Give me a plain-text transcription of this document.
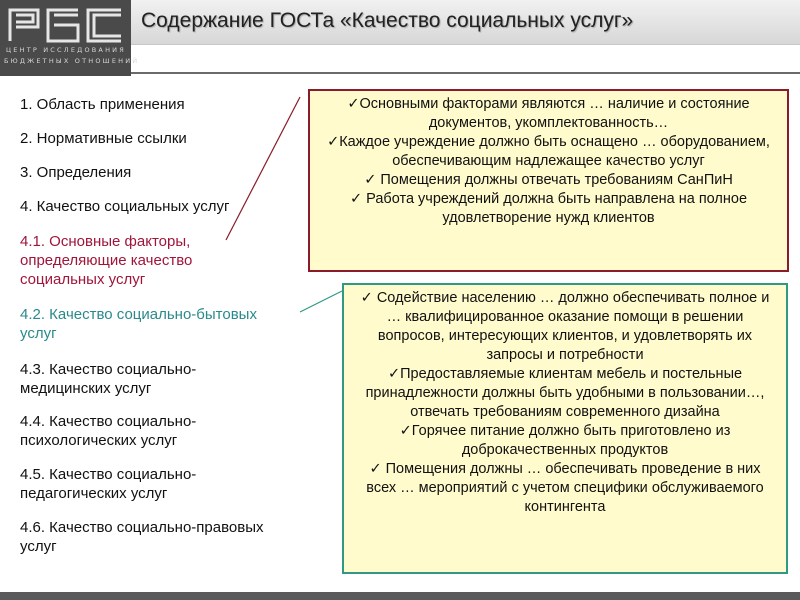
ЦЕНТР ИССЛЕДОВАНИЯ
БЮДЖЕТНЫХ ОТНОШЕНИЙ
Содержание ГОСТа «Качество социальных услуг»
1. Область применения
2. Нормативные ссылки
3. Определения
4. Качество социальных услуг
4.1. Основные факторы,
определяющие качество
социальных услуг
4.2. Качество социально-бытовых
услуг
4.3. Качество социально-
медицинских услуг
4.4. Качество социально-
психологических услуг
4.5. Качество социально-
педагогических услуг
4.6. Качество социально-правовых
услуг
✓Основными факторами являются … наличие и состояние документов, укомплектованность…
✓Каждое учреждение должно быть оснащено … оборудованием, обеспечивающим надлежащее качество услуг
✓ Помещения должны отвечать требованиям СанПиН
✓ Работа учреждений должна быть направлена на полное удовлетворение нужд клиентов
✓ Содействие населению … должно обеспечивать полное и … квалифицированное оказание помощи в решении вопросов, интересующих клиентов, и удовлетворять их запросы и потребности
✓Предоставляемые клиентам мебель и постельные принадлежности должны быть удобными в пользовании…, отвечать требованиям современного дизайна
✓Горячее питание должно быть приготовлено из доброкачественных продуктов
✓ Помещения должны … обеспечивать проведение в них всех … мероприятий с учетом специфики обслуживаемого контингента
